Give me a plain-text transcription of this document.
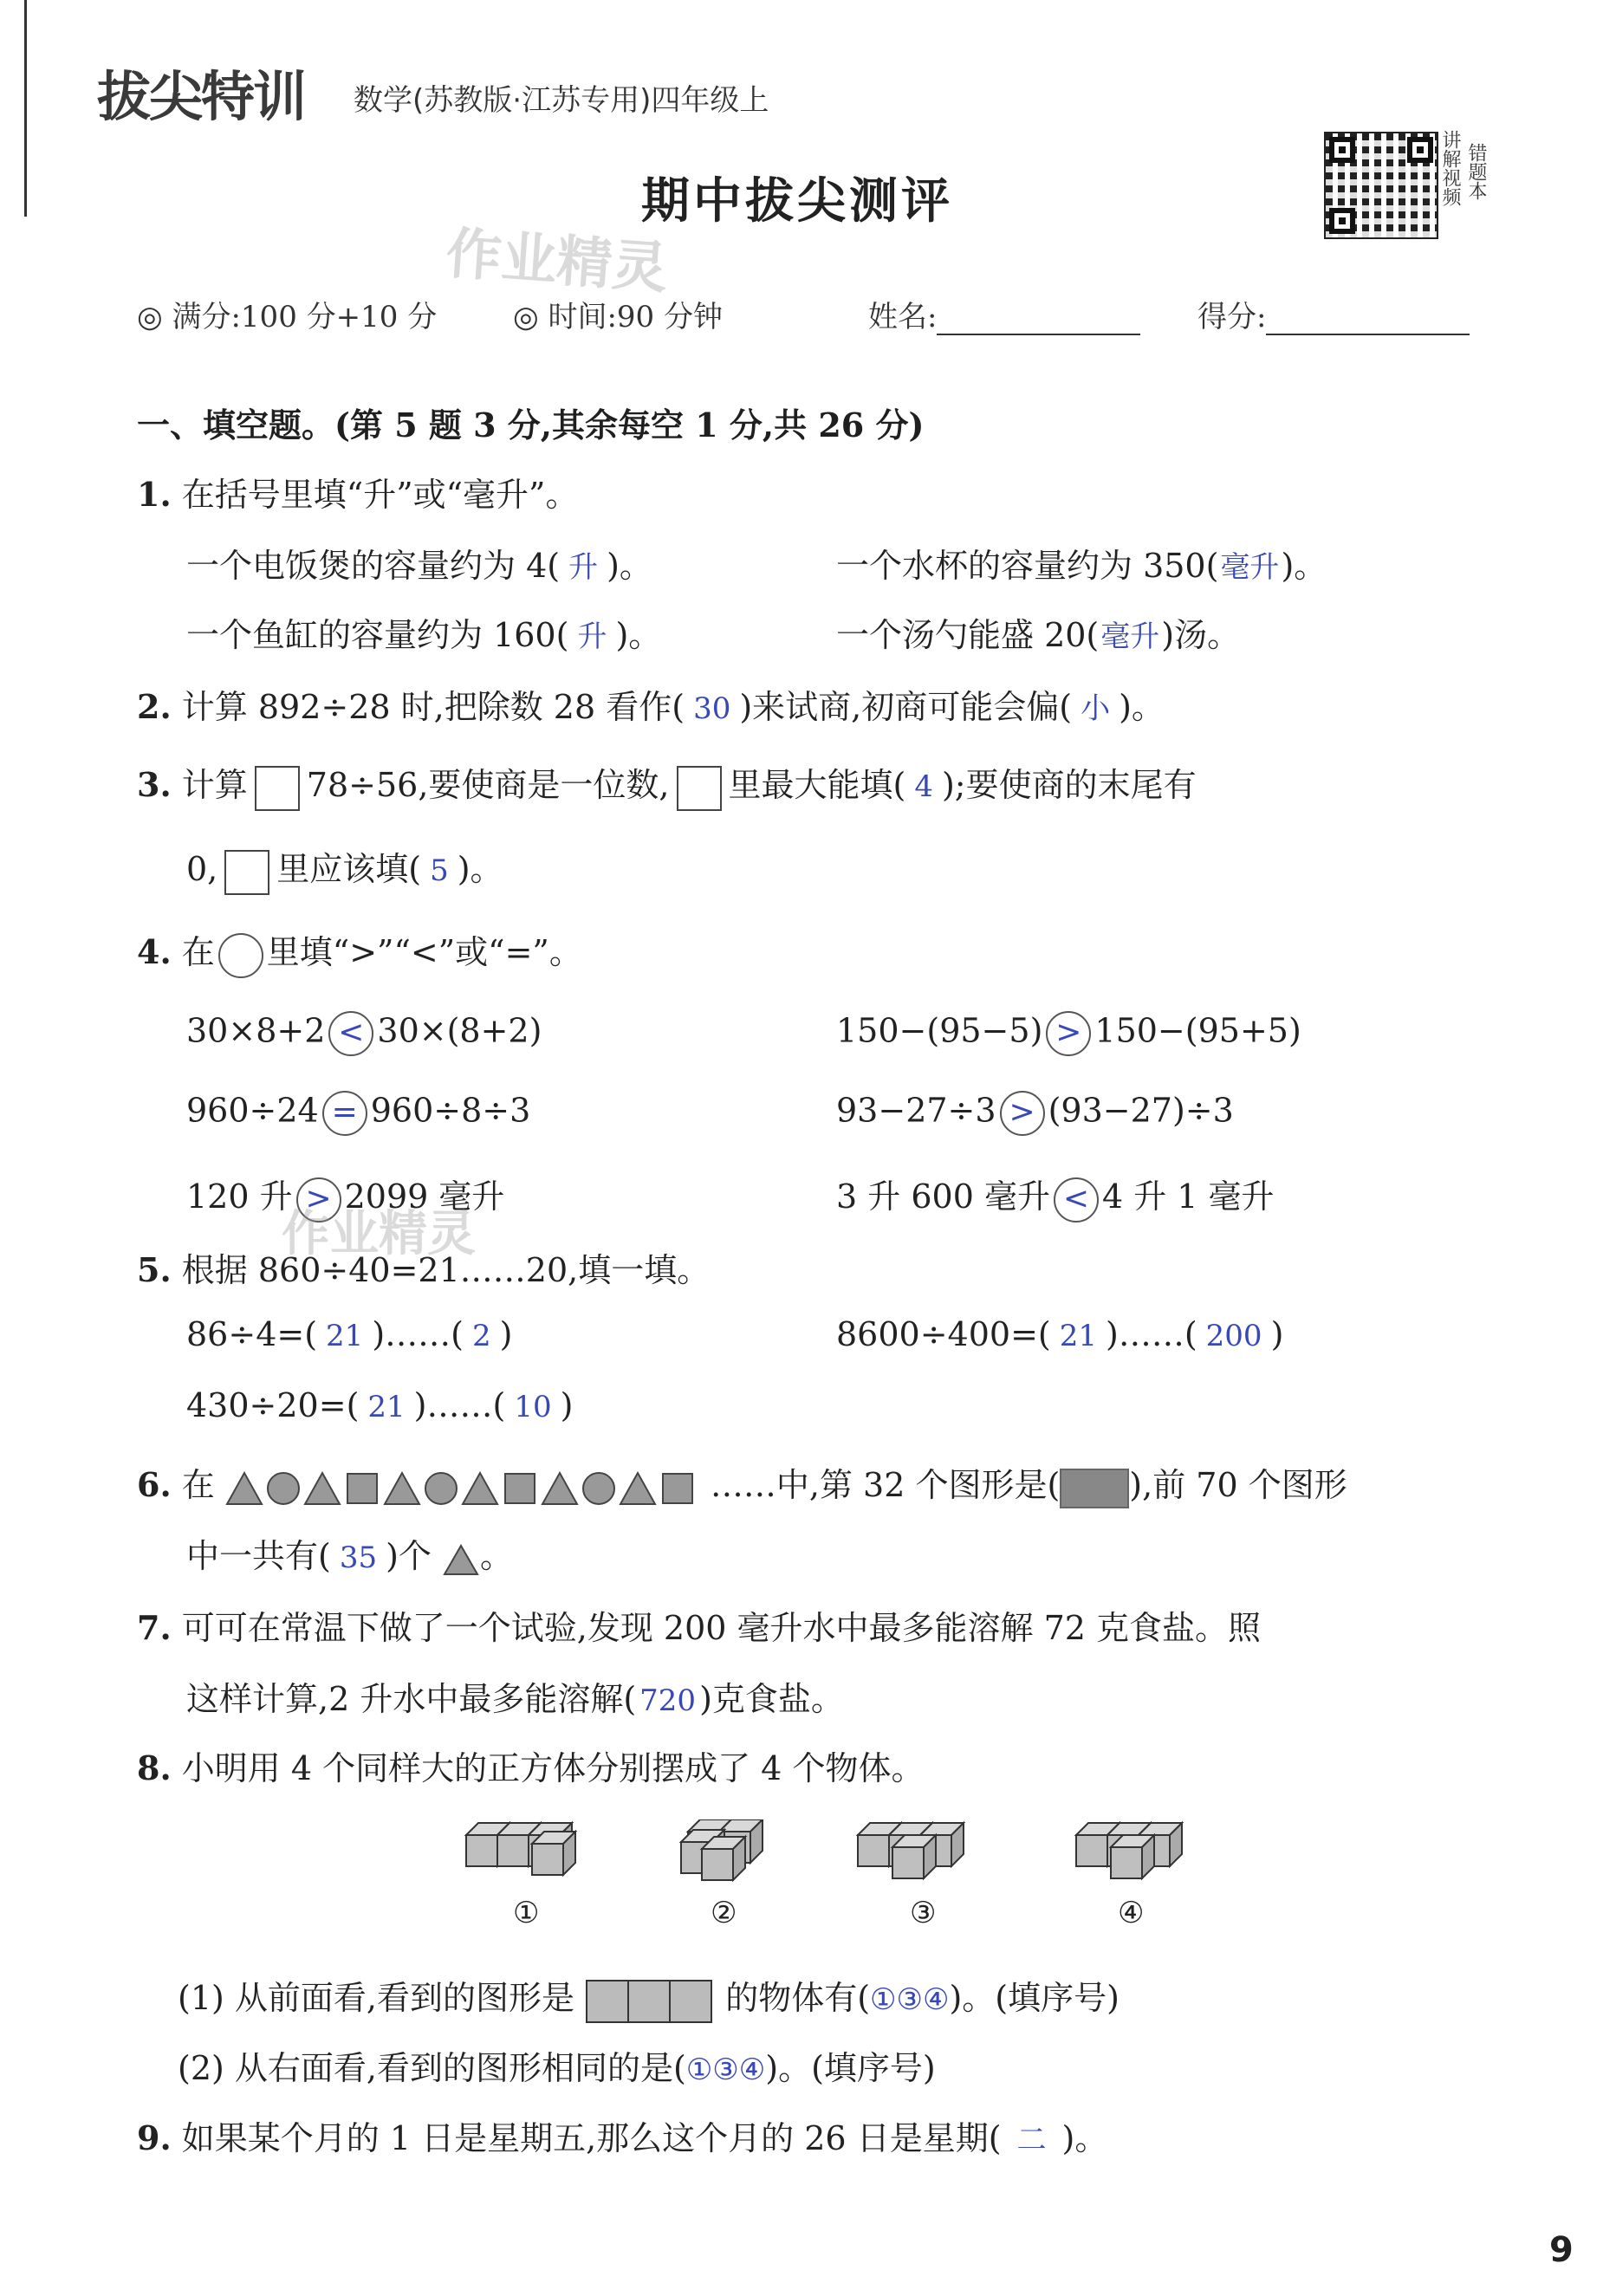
拔尖特训 数学(苏教版·江苏专用)四年级上
期中拔尖测评	讲解视频 错题本
作业精灵
◎ 满分:100 分+10 分	◎ 时间:90 分钟	姓名:	得分:
一、填空题。(第 5 题 3 分,其余每空 1 分,共 26 分)
1. 在括号里填“升”或“毫升”。
一个电饭煲的容量约为 4( 升 )。	一个水杯的容量约为 350(毫升)。
一个鱼缸的容量约为 160( 升 )。	一个汤勺能盛 20(毫升)汤。
2. 计算 892÷28 时,把除数 28 看作( 30 )来试商,初商可能会偏( 小 )。
3. 计算 78÷56,要使商是一位数, 里最大能填( 4 );要使商的末尾有
0, 里应该填( 5 )。
4. 在 里填“>”“<”或“=”。
30×8+2 < 30×(8+2)	150−(95−5) > 150−(95+5)
960÷24 = 960÷8÷3	93−27÷3 > (93−27)÷3
120 升 > 2099 毫升	3 升 600 毫升 < 4 升 1 毫升
作业精灵
5. 根据 860÷40=21……20,填一填。
86÷4=( 21 )……( 2 )	8600÷400=( 21 )……( 200 )
430÷20=( 21 )……( 10 )
6. 在	……中,第 32 个图形是( ),前 70 个图形
中一共有( 35 )个 。
7. 可可在常温下做了一个试验,发现 200 毫升水中最多能溶解 72 克食盐。照
这样计算,2 升水中最多能溶解( 720 )克食盐。
8. 小明用 4 个同样大的正方体分别摆成了 4 个物体。
①	②	③	④
(1) 从前面看,看到的图形是	的物体有(①③④)。(填序号)
(2) 从右面看,看到的图形相同的是(①③④)。(填序号)
9. 如果某个月的 1 日是星期五,那么这个月的 26 日是星期( 二 )。
9
